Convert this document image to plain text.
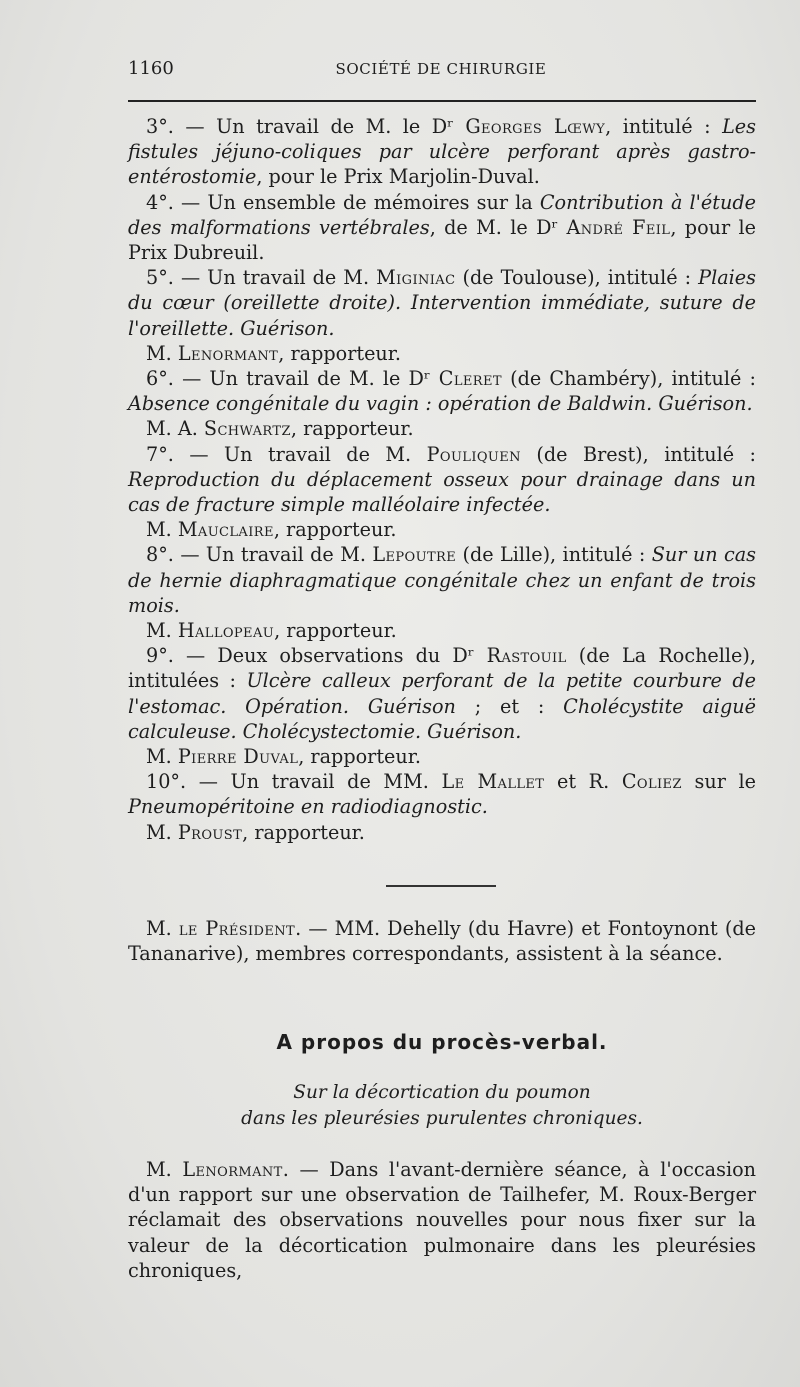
1160	SOCIÉTÉ DE CHIRURGIE

3°. — Un travail de M. le Dʳ Georges Lœwy, intitulé : Les fistules jéjuno-coliques par ulcère perforant après gastro-entérostomie, pour le Prix Marjolin-Duval.

4°. — Un ensemble de mémoires sur la Contribution à l'étude des malformations vertébrales, de M. le Dʳ André Feil, pour le Prix Dubreuil.

5°. — Un travail de M. Miginiac (de Toulouse), intitulé : Plaies du cœur (oreillette droite). Intervention immédiate, suture de l'oreillette. Guérison.

M. Lenormant, rapporteur.

6°. — Un travail de M. le Dʳ Cleret (de Chambéry), intitulé : Absence congénitale du vagin : opération de Baldwin. Guérison.

M. A. Schwartz, rapporteur.

7°. — Un travail de M. Pouliquen (de Brest), intitulé : Reproduction du déplacement osseux pour drainage dans un cas de fracture simple malléolaire infectée.

M. Mauclaire, rapporteur.

8°. — Un travail de M. Lepoutre (de Lille), intitulé : Sur un cas de hernie diaphragmatique congénitale chez un enfant de trois mois.

M. Hallopeau, rapporteur.

9°. — Deux observations du Dʳ Rastouil (de La Rochelle), intitulées : Ulcère calleux perforant de la petite courbure de l'estomac. Opération. Guérison ; et : Cholécystite aiguë calculeuse. Cholécystectomie. Guérison.

M. Pierre Duval, rapporteur.

10°. — Un travail de MM. Le Mallet et R. Coliez sur le Pneumopéritoine en radiodiagnostic.

M. Proust, rapporteur.

M. le Président. — MM. Dehelly (du Havre) et Fontoynont (de Tananarive), membres correspondants, assistent à la séance.

A propos du procès-verbal.
Sur la décortication du poumon
dans les pleurésies purulentes chroniques.

M. Lenormant. — Dans l'avant-dernière séance, à l'occasion d'un rapport sur une observation de Tailhefer, M. Roux-Berger réclamait des observations nouvelles pour nous fixer sur la valeur de la décortication pulmonaire dans les pleurésies chroniques,
